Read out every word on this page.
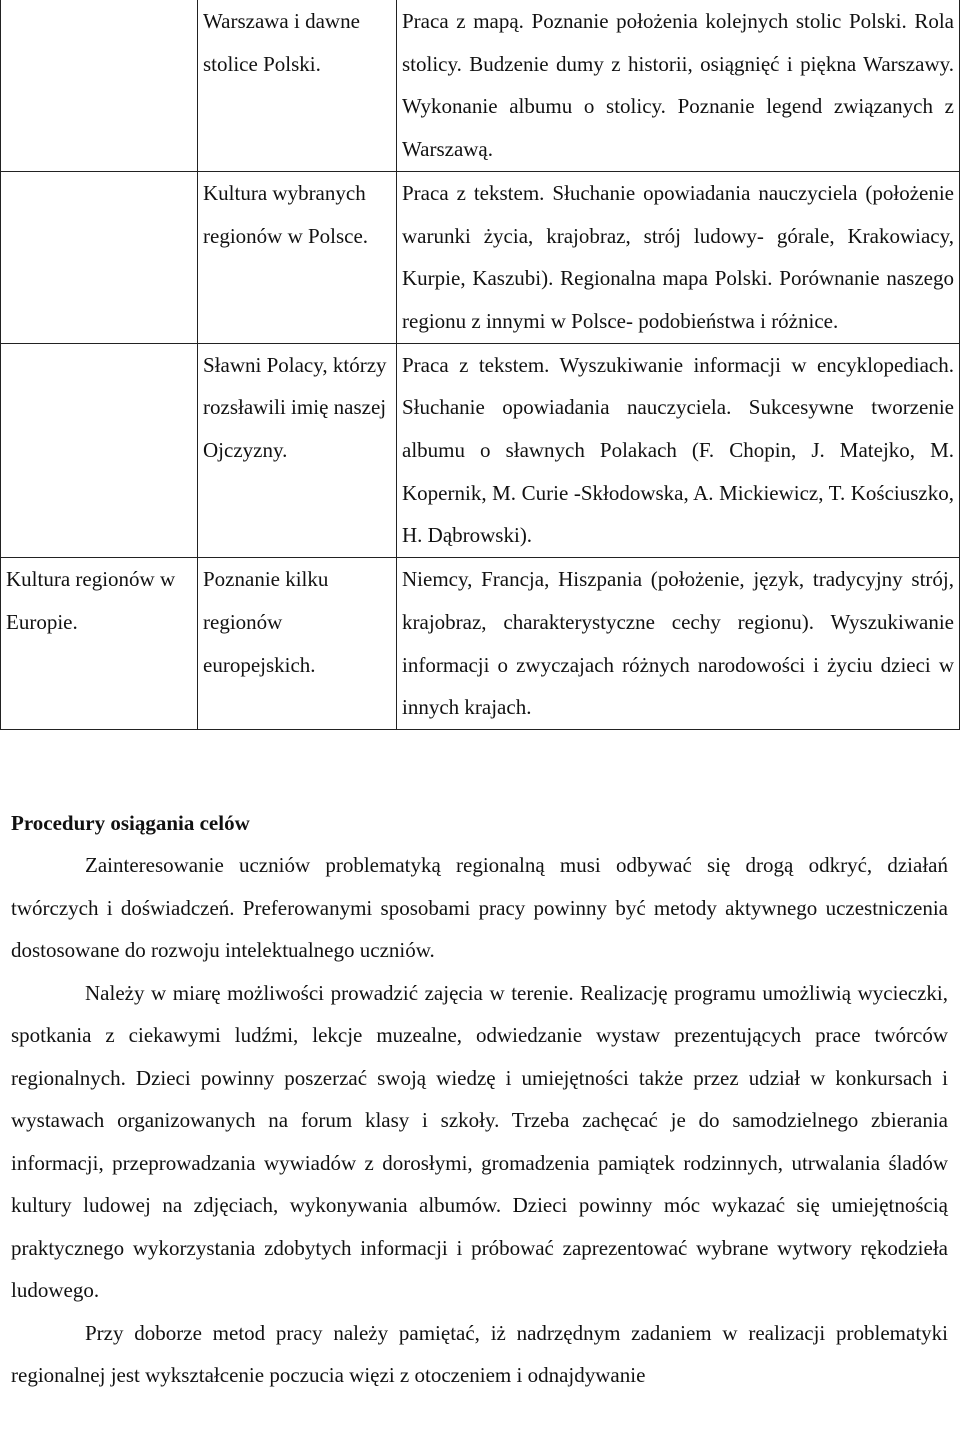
	Warszawa i dawne stolice Polski.	Praca z mapą. Poznanie położenia kolejnych stolic Polski. Rola stolicy. Budzenie dumy z historii, osiągnięć i piękna Warszawy. Wykonanie albumu o stolicy. Poznanie legend związanych z Warszawą.
	Kultura wybranych regionów w Polsce.	Praca z tekstem. Słuchanie opowiadania nauczyciela (położenie warunki życia, krajobraz, strój ludowy- górale, Krakowiacy, Kurpie, Kaszubi). Regionalna mapa Polski. Porównanie naszego regionu z innymi w Polsce- podobieństwa i różnice.
	Sławni Polacy, którzy rozsławili imię naszej Ojczyzny.	Praca z tekstem. Wyszukiwanie informacji w encyklopediach. Słuchanie opowiadania nauczyciela. Sukcesywne tworzenie albumu o sławnych Polakach (F. Chopin, J. Matejko, M. Kopernik, M. Curie -Skłodowska, A. Mickiewicz, T. Kościuszko, H. Dąbrowski).
Kultura regionów w Europie.	Poznanie kilku regionów europejskich.	Niemcy, Francja, Hiszpania (położenie, język, tradycyjny strój, krajobraz, charakterystyczne cechy regionu). Wyszukiwanie informacji o zwyczajach różnych narodowości i życiu dzieci w innych krajach.
Procedury osiągania celów

Zainteresowanie uczniów problematyką regionalną musi odbywać się drogą odkryć, działań twórczych i doświadczeń. Preferowanymi sposobami pracy powinny być metody aktywnego uczestniczenia dostosowane do rozwoju intelektualnego uczniów.

Należy w miarę możliwości prowadzić zajęcia w terenie. Realizację programu umożliwią wycieczki, spotkania z ciekawymi ludźmi, lekcje muzealne, odwiedzanie wystaw prezentujących prace twórców regionalnych. Dzieci powinny poszerzać swoją wiedzę i umiejętności także przez udział w konkursach i wystawach organizowanych na forum klasy i szkoły. Trzeba zachęcać je do samodzielnego zbierania informacji, przeprowadzania wywiadów z dorosłymi, gromadzenia pamiątek rodzinnych, utrwalania śladów kultury ludowej na zdjęciach, wykonywania albumów. Dzieci powinny móc wykazać się umiejętnością praktycznego wykorzystania zdobytych informacji i próbować zaprezentować wybrane wytwory rękodzieła ludowego.

Przy doborze metod pracy należy pamiętać, iż nadrzędnym zadaniem w realizacji problematyki regionalnej jest wykształcenie poczucia więzi z otoczeniem i odnajdywanie
